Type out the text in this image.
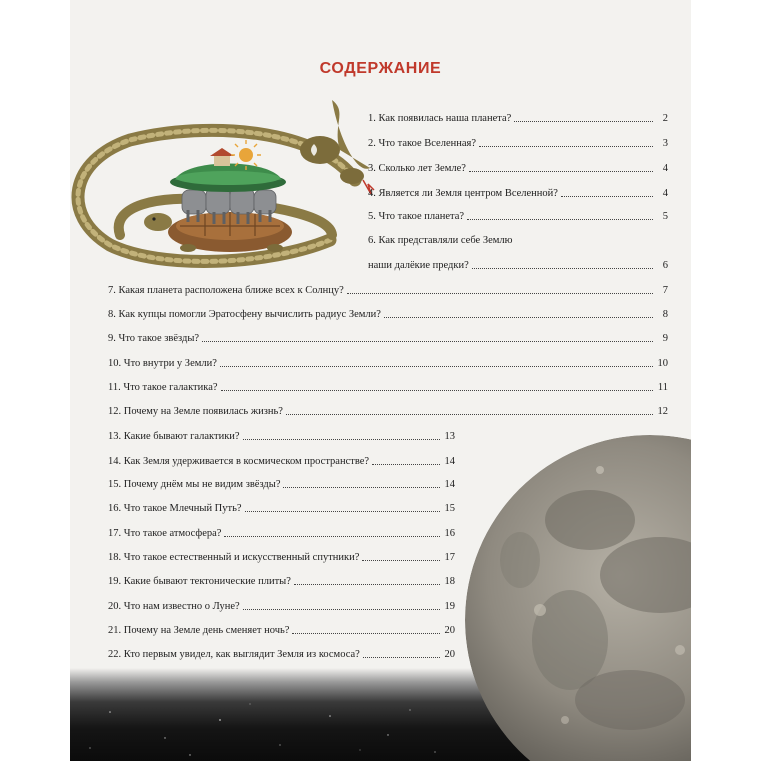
СОДЕРЖАНИЕ
1. Как появилась наша планета?	2
2. Что такое Вселенная?	3
3. Сколько лет Земле?	4
4. Является ли Земля центром Вселенной?	4
5. Что такое планета?	5
6. Как представляли себе Землю
наши далёкие предки?	6
7. Какая планета расположена ближе всех к Солнцу?	7
8. Как купцы помогли Эратосфену вычислить радиус Земли?	8
9. Что такое звёзды?	9
10. Что внутри у Земли?	10
11. Что такое галактика?	11
12. Почему на Земле появилась жизнь?	12
13. Какие бывают галактики?	13
14. Как Земля удерживается в космическом пространстве?	14
15. Почему днём мы не видим звёзды?	14
16. Что такое Млечный Путь?	15
17. Что такое атмосфера?	16
18. Что такое естественный и искусственный спутники?	17
19. Какие бывают тектонические плиты?	18
20. Что нам известно о Луне?	19
21. Почему на Земле день сменяет ночь?	20
22. Кто первым увидел, как выглядит Земля из космоса?	20
